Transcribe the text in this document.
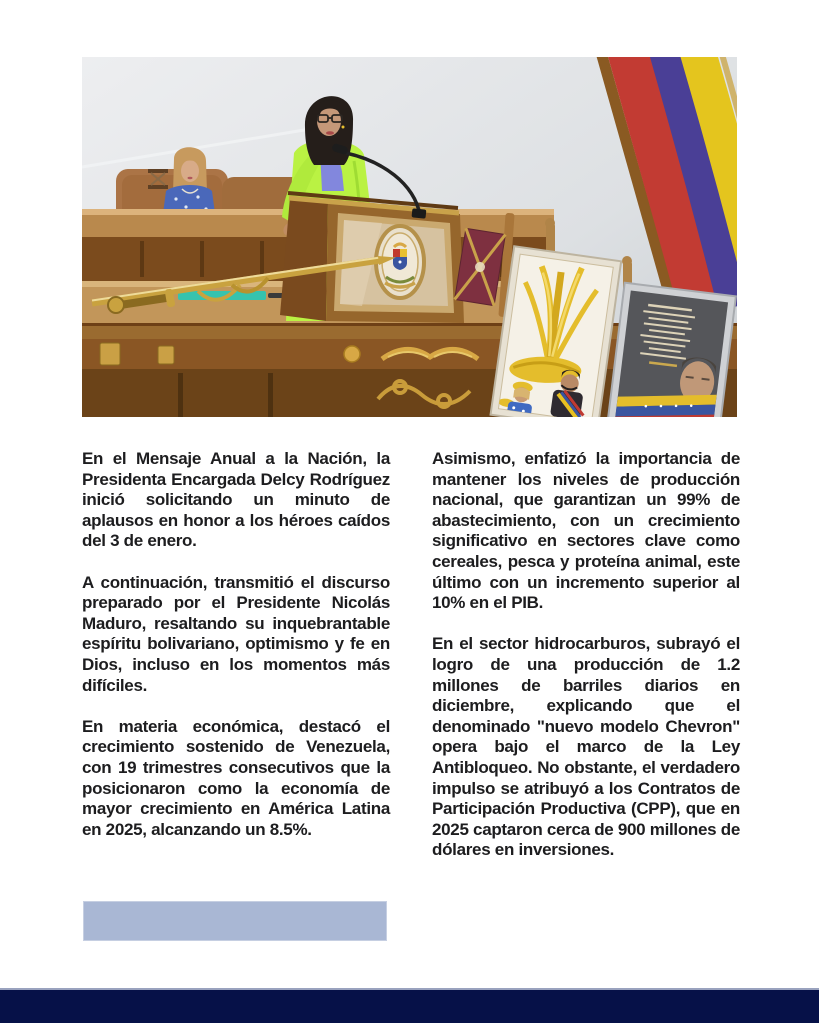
En el Mensaje Anual a la Nación, la Presidenta Encargada Delcy Rodríguez inició solicitando un minuto de aplausos en honor a los héroes caídos del 3 de enero.

A continuación, transmitió el discurso preparado por el Presidente Nicolás Maduro, resaltando su inquebrantable espíritu bolivariano, optimismo y fe en Dios, incluso en los momentos más difíciles.

En materia económica, destacó el crecimiento sostenido de Venezuela, con 19 trimestres consecutivos que la posicionaron como la economía de mayor crecimiento en América Latina en 2025, alcanzando un 8.5%.

Asimismo, enfatizó la importancia de mantener los niveles de producción nacional, que garantizan un 99% de abastecimiento, con un crecimiento significativo en sectores clave como cereales, pesca y proteína animal, este último con un incremento superior al 10% en el PIB.

En el sector hidrocarburos, subrayó el logro de una producción de 1.2 millones de barriles diarios en diciembre, explicando que el denominado "nuevo modelo Chevron" opera bajo el marco de la Ley Antibloqueo. No obstante, el verdadero impulso se atribuyó a los Contratos de Participación Productiva (CPP), que en 2025 captaron cerca de 900 millones de dólares en inversiones.
